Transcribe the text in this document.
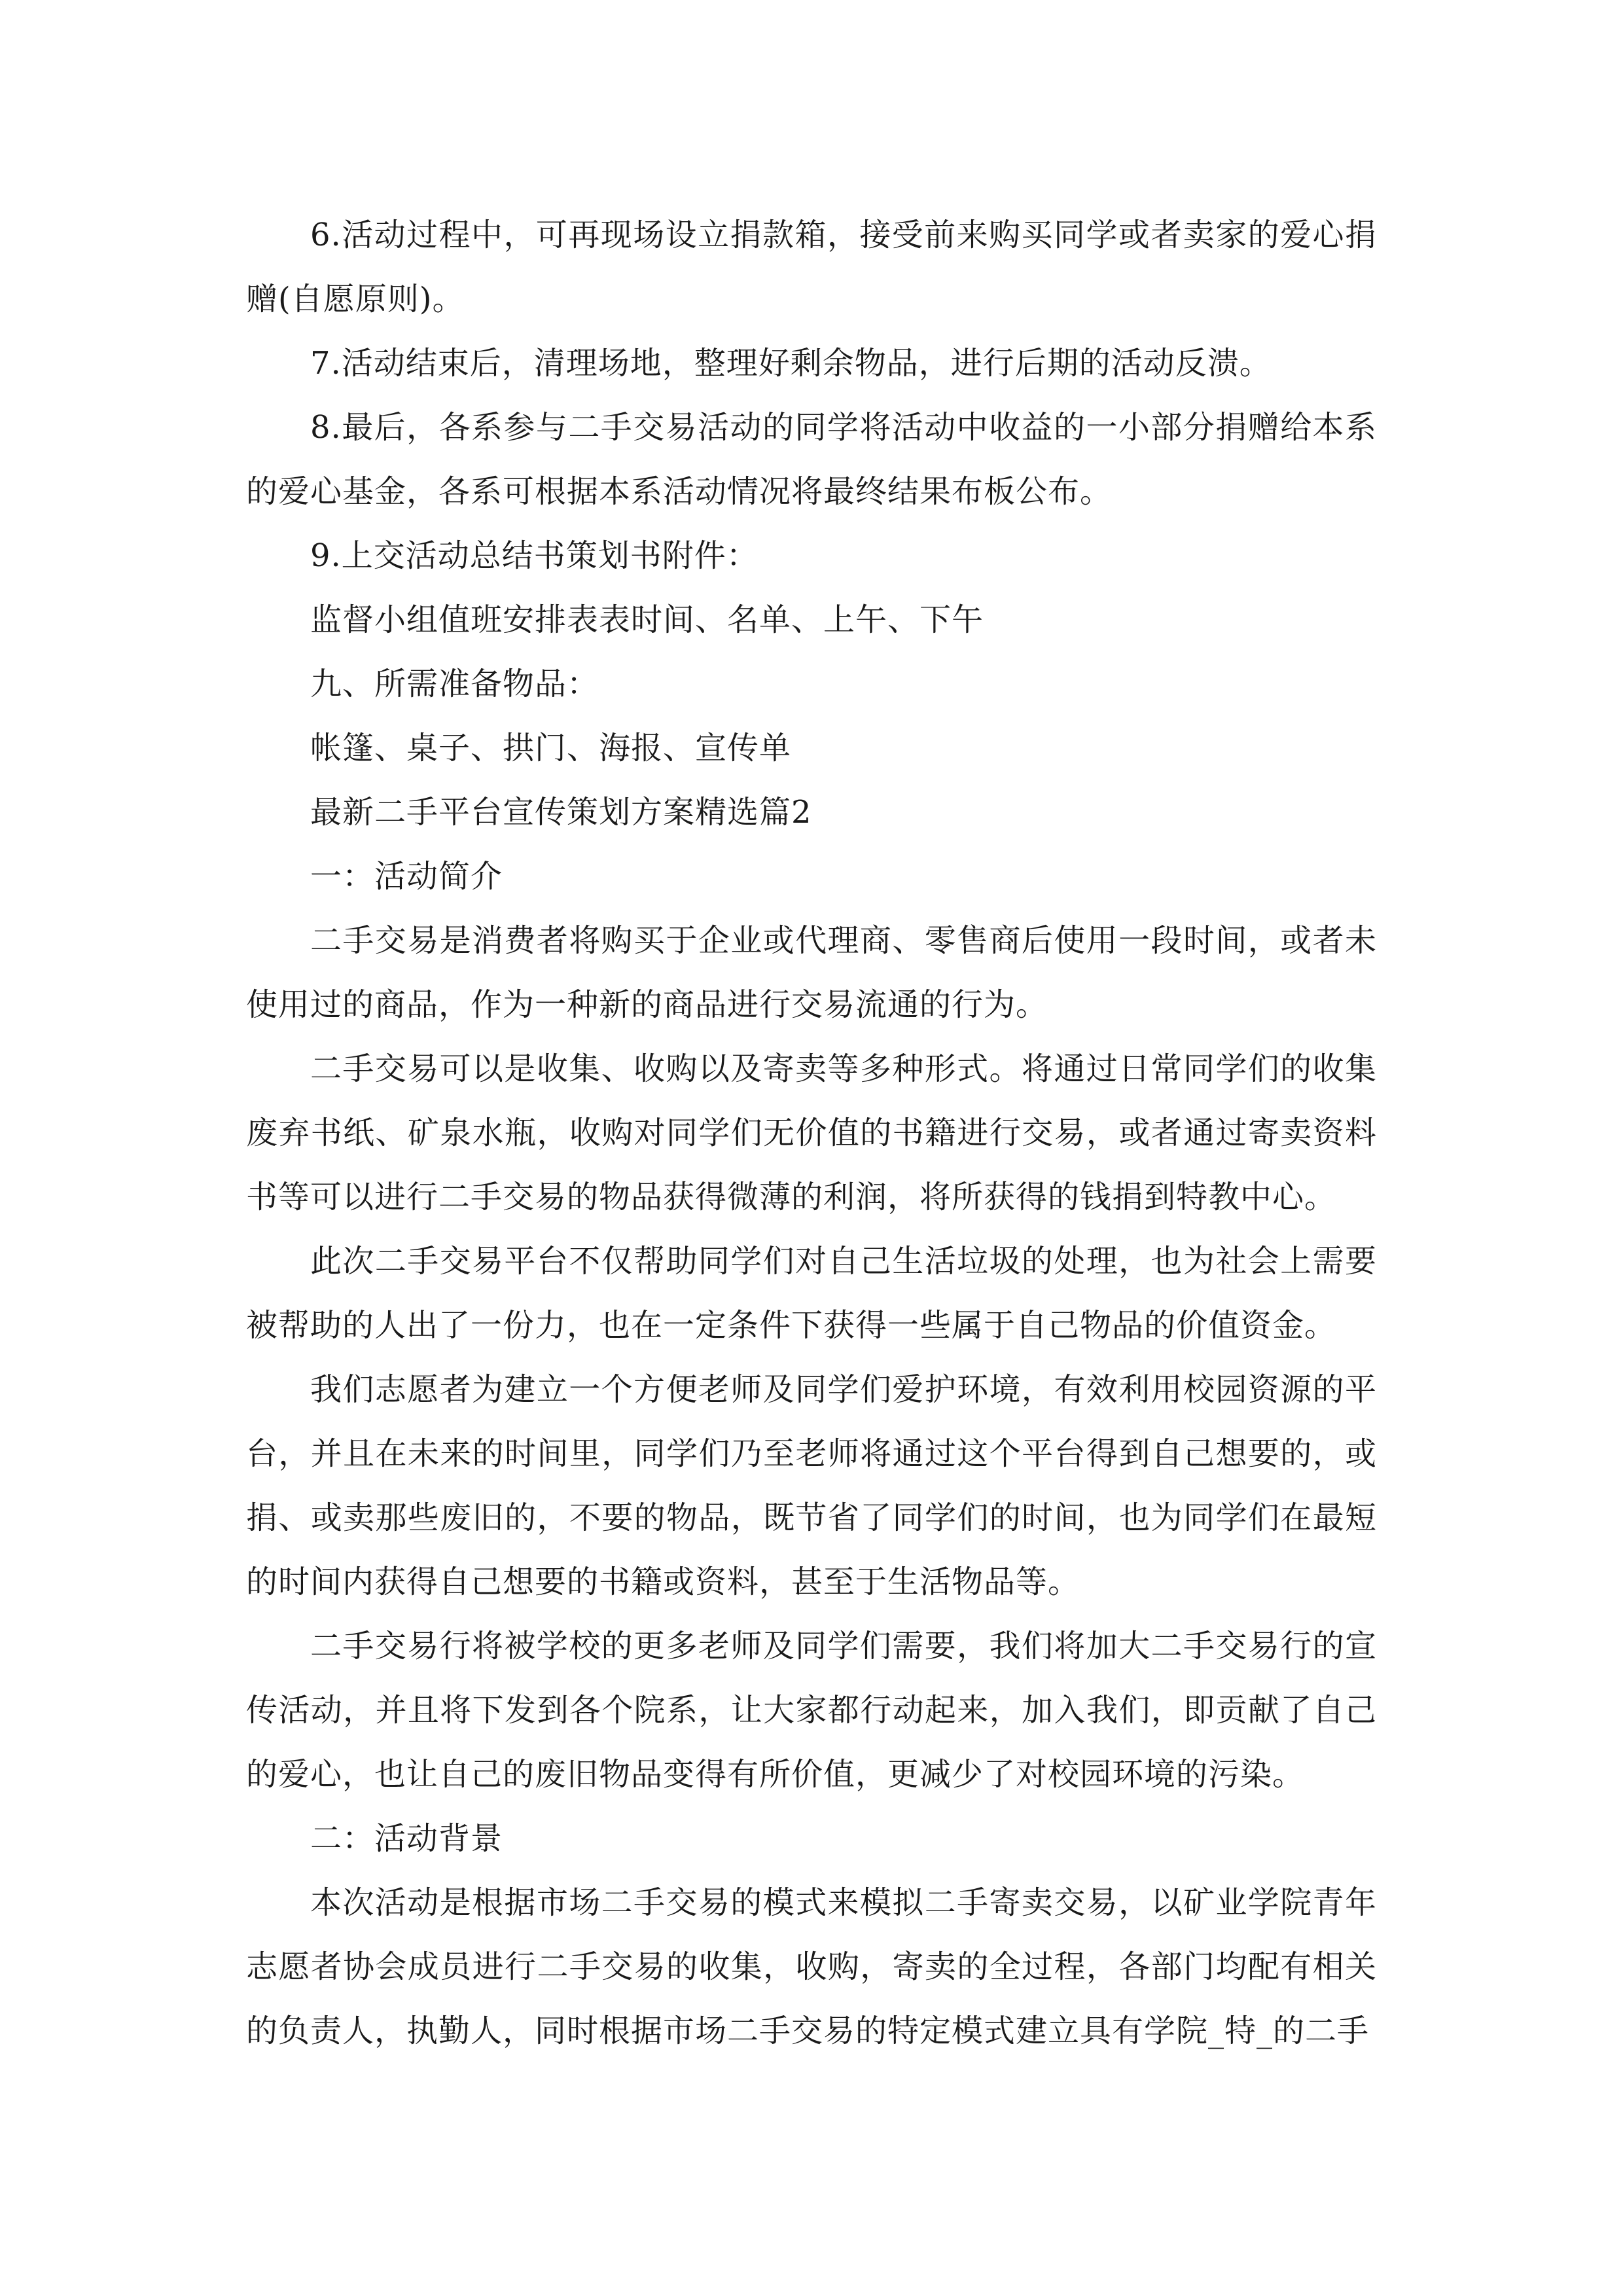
6.活动过程中，可再现场设立捐款箱，接受前来购买同学或者卖家的爱心捐赠(自愿原则)。

7.活动结束后，清理场地，整理好剩余物品，进行后期的活动反溃。

8.最后，各系参与二手交易活动的同学将活动中收益的一小部分捐赠给本系的爱心基金，各系可根据本系活动情况将最终结果布板公布。

9.上交活动总结书策划书附件：

监督小组值班安排表表时间、名单、上午、下午

九、所需准备物品：

帐篷、桌子、拱门、海报、宣传单

最新二手平台宣传策划方案精选篇2

一：活动简介

二手交易是消费者将购买于企业或代理商、零售商后使用一段时间，或者未使用过的商品，作为一种新的商品进行交易流通的行为。

二手交易可以是收集、收购以及寄卖等多种形式。将通过日常同学们的收集废弃书纸、矿泉水瓶，收购对同学们无价值的书籍进行交易，或者通过寄卖资料书等可以进行二手交易的物品获得微薄的利润，将所获得的钱捐到特教中心。

此次二手交易平台不仅帮助同学们对自己生活垃圾的处理，也为社会上需要被帮助的人出了一份力，也在一定条件下获得一些属于自己物品的价值资金。

我们志愿者为建立一个方便老师及同学们爱护环境，有效利用校园资源的平台，并且在未来的时间里，同学们乃至老师将通过这个平台得到自己想要的，或捐、或卖那些废旧的，不要的物品，既节省了同学们的时间，也为同学们在最短的时间内获得自己想要的书籍或资料，甚至于生活物品等。

二手交易行将被学校的更多老师及同学们需要，我们将加大二手交易行的宣传活动，并且将下发到各个院系，让大家都行动起来，加入我们，即贡献了自己的爱心，也让自己的废旧物品变得有所价值，更减少了对校园环境的污染。

二：活动背景

本次活动是根据市场二手交易的模式来模拟二手寄卖交易，以矿业学院青年志愿者协会成员进行二手交易的收集，收购，寄卖的全过程，各部门均配有相关的负责人，执勤人，同时根据市场二手交易的特定模式建立具有学院_特_的二手
